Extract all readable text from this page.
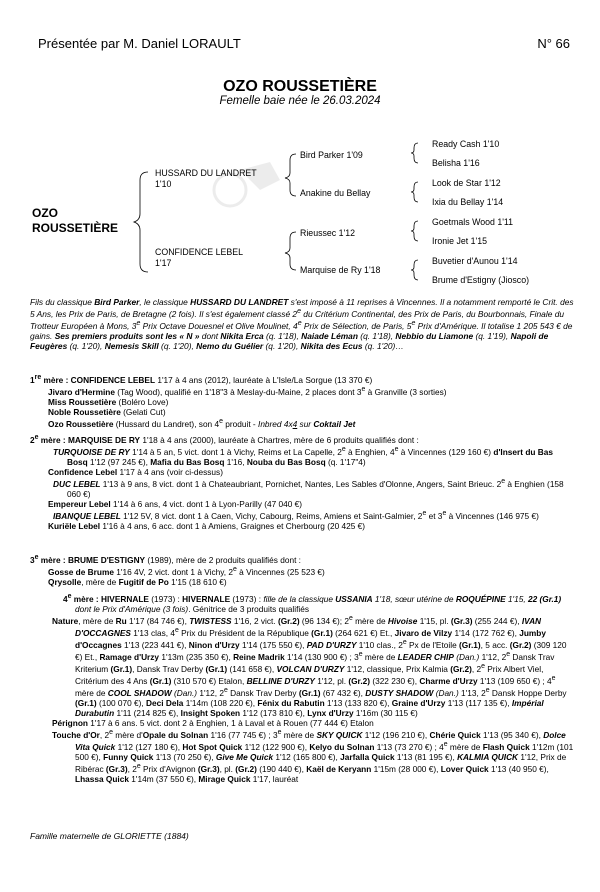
Présentée par M. Daniel LORAULT	N° 66
OZO ROUSSETIÈRE
Femelle baie née le 26.03.2024
OZO
ROUSSETIÈRE
HUSSARD DU LANDRET
1'10
CONFIDENCE LEBEL
1'17
Bird Parker 1'09
Anakine du Bellay
Rieussec 1'12
Marquise de Ry 1'18
Ready Cash 1'10
Belisha 1'16
Look de Star 1'12
Ixia du Bellay 1'14
Goetmals Wood 1'11
Ironie Jet 1'15
Buvetier d'Aunou 1'14
Brume d'Estigny (Jiosco)
Fils du classique Bird Parker, le classique HUSSARD DU LANDRET s'est imposé à 11 reprises à Vincennes. Il a notamment remporté le Crit. des 5 Ans, les Prix de Paris, de Bretagne (2 fois). Il s'est également classé 2e du Critérium Continental, des Prix de Paris, du Bourbonnais, Finale du Trotteur Européen à Mons, 3e Prix Octave Douesnel et Olive Moulinet, 4e Prix de Sélection, de Paris, 5e Prix d'Amérique. Il totalise 1 205 543 € de gains. Ses premiers produits sont les « N » dont Nikita Erca (q. 1'18), Naiade Léman (q. 1'18), Nebbio du Liamone (q. 1'19), Napoli de Feugères (q. 1'20), Nemesis Skill (q. 1'20), Nemo du Guélier (q. 1'20), Nikita des Ecus (q. 1'20)…

1re mère : CONFIDENCE LEBEL 1'17 à 4 ans (2012), lauréate à L'Isle/La Sorgue (13 370 €)

Jivaro d'Hermine (Tag Wood), qualifié en 1'18"3 à Meslay-du-Maine, 2 places dont 3e à Granville (3 sorties)

Miss Roussetière (Boléro Love)

Noble Roussetière (Gelati Cut)

Ozo Roussetière (Hussard du Landret), son 4e produit - Inbred 4x4 sur Coktail Jet

2e mère : MARQUISE DE RY 1'18 à 4 ans (2000), lauréate à Chartres, mère de 6 produits qualifiés dont :

TURQUOISE DE RY 1'14 à 5 an, 5 vict. dont 1 à Vichy, Reims et La Capelle, 2e à Enghien, 4e à Vincennes (129 160 €) d'Insert du Bas Bosq 1'12 (97 245 €), Mafia du Bas Bosq 1'16, Nouba du Bas Bosq (q. 1'17"4)

Confidence Lebel 1'17 à 4 ans (voir ci-dessus)

DUC LEBEL 1'13 à 9 ans, 8 vict. dont 1 à Chateaubriant, Pornichet, Nantes, Les Sables d'Olonne, Angers, Saint Brieuc. 2e à Enghien (158 060 €)

Empereur Lebel 1'14 à 6 ans, 4 vict. dont 1 à Lyon-Parilly (47 040 €)

IBANQUE LEBEL 1'12 5V, 8 vict. dont 1 à Caen, Vichy, Cabourg, Reims, Amiens et Saint-Galmier, 2e et 3e à Vincennes (146 975 €)

Kuriële Lebel 1'16 à 4 ans, 6 acc. dont 1 à Amiens, Graignes et Cherbourg (20 425 €)

3e mère : BRUME D'ESTIGNY (1989), mère de 2 produits qualifiés dont :

Gosse de Brume 1'16 4V, 2 vict. dont 1 à Vichy, 2e à Vincennes (25 523 €)

Qrysolle, mère de Fugitif de Po 1'15 (18 610 €)

4e mère : HIVERNALE (1973) : HIVERNALE (1973) : fille de la classique USSANIA 1'18, sœur utérine de ROQUÉPINE 1'15, 22 (Gr.1) dont le Prix d'Amérique (3 fois). Génitrice de 3 produits qualifiés

Nature, mère de Ru 1'17 (84 746 €), TWISTESS 1'16, 2 vict. (Gr.2) (96 134 €); 2e mère de Hivoise 1'15, pl. (Gr.3) (255 244 €), IVAN D'OCCAGNES 1'13 clas, 4e Prix du Président de la République (Gr.1) (264 621 €) Et., Jivaro de Vilzy 1'14 (172 762 €), Jumby d'Occagnes 1'13 (223 441 €), Ninon d'Urzy 1'14 (175 550 €), PAD D'URZY 1'10 clas., 2e Px de l'Etoile (Gr.1), 5 acc. (Gr.2) (309 120 €) Et., Ramage d'Urzy 1'13m (235 350 €), Reine Madrik 1'14 (130 900 €) ; 3e mère de LEADER CHIP (Dan.) 1'12, 2e Dansk Trav Kriterium (Gr.1), Dansk Trav Derby (Gr.1) (141 658 €), VOLCAN D'URZY 1'12, classique, Prix Kalmia (Gr.2), 2e Prix Albert Viel, Critérium des 4 Ans (Gr.1) (310 570 €) Etalon, BELLINE D'URZY 1'12, pl. (Gr.2) (322 230 €), Charme d'Urzy 1'13 (109 650 €) ; 4e mère de COOL SHADOW (Dan.) 1'12, 2e Dansk Trav Derby (Gr.1) (67 432 €), DUSTY SHADOW (Dan.) 1'13, 2e Dansk Hoppe Derby (Gr.1) (100 070 €), Deci Dela 1'14m (108 220 €), Fénix du Rabutin 1'13 (133 820 €), Graine d'Urzy 1'13 (117 135 €), Impérial Durabutin 1'11 (214 825 €), Insight Spoken 1'12 (173 810 €), Lynx d'Urzy 1'16m (30 115 €)

Pérignon 1'17 à 6 ans. 5 vict. dont 2 à Enghien, 1 à Laval et à Rouen (77 444 €) Etalon

Touche d'Or, 2e mère d'Opale du Solnan 1'16 (77 745 €) ; 3e mère de SKY QUICK 1'12 (196 210 €), Chérie Quick 1'13 (95 340 €), Dolce Vita Quick 1'12 (127 180 €), Hot Spot Quick 1'12 (122 900 €), Kelyo du Solnan 1'13 (73 270 €) ; 4e mère de Flash Quick 1'12m (101 500 €), Funny Quick 1'13 (70 250 €), Give Me Quick 1'12 (165 800 €), Jarfalla Quick 1'13 (81 195 €), KALMIA QUICK 1'12, Prix de Ribérac (Gr.3), 2e Prix d'Avignon (Gr.3), pl. (Gr.2) (190 440 €), Kaël de Keryann 1'15m (28 000 €), Lover Quick 1'13 (40 950 €), Lhassa Quick 1'14m (37 550 €), Mirage Quick 1'17, lauréat

Famille maternelle de GLORIETTE (1884)
